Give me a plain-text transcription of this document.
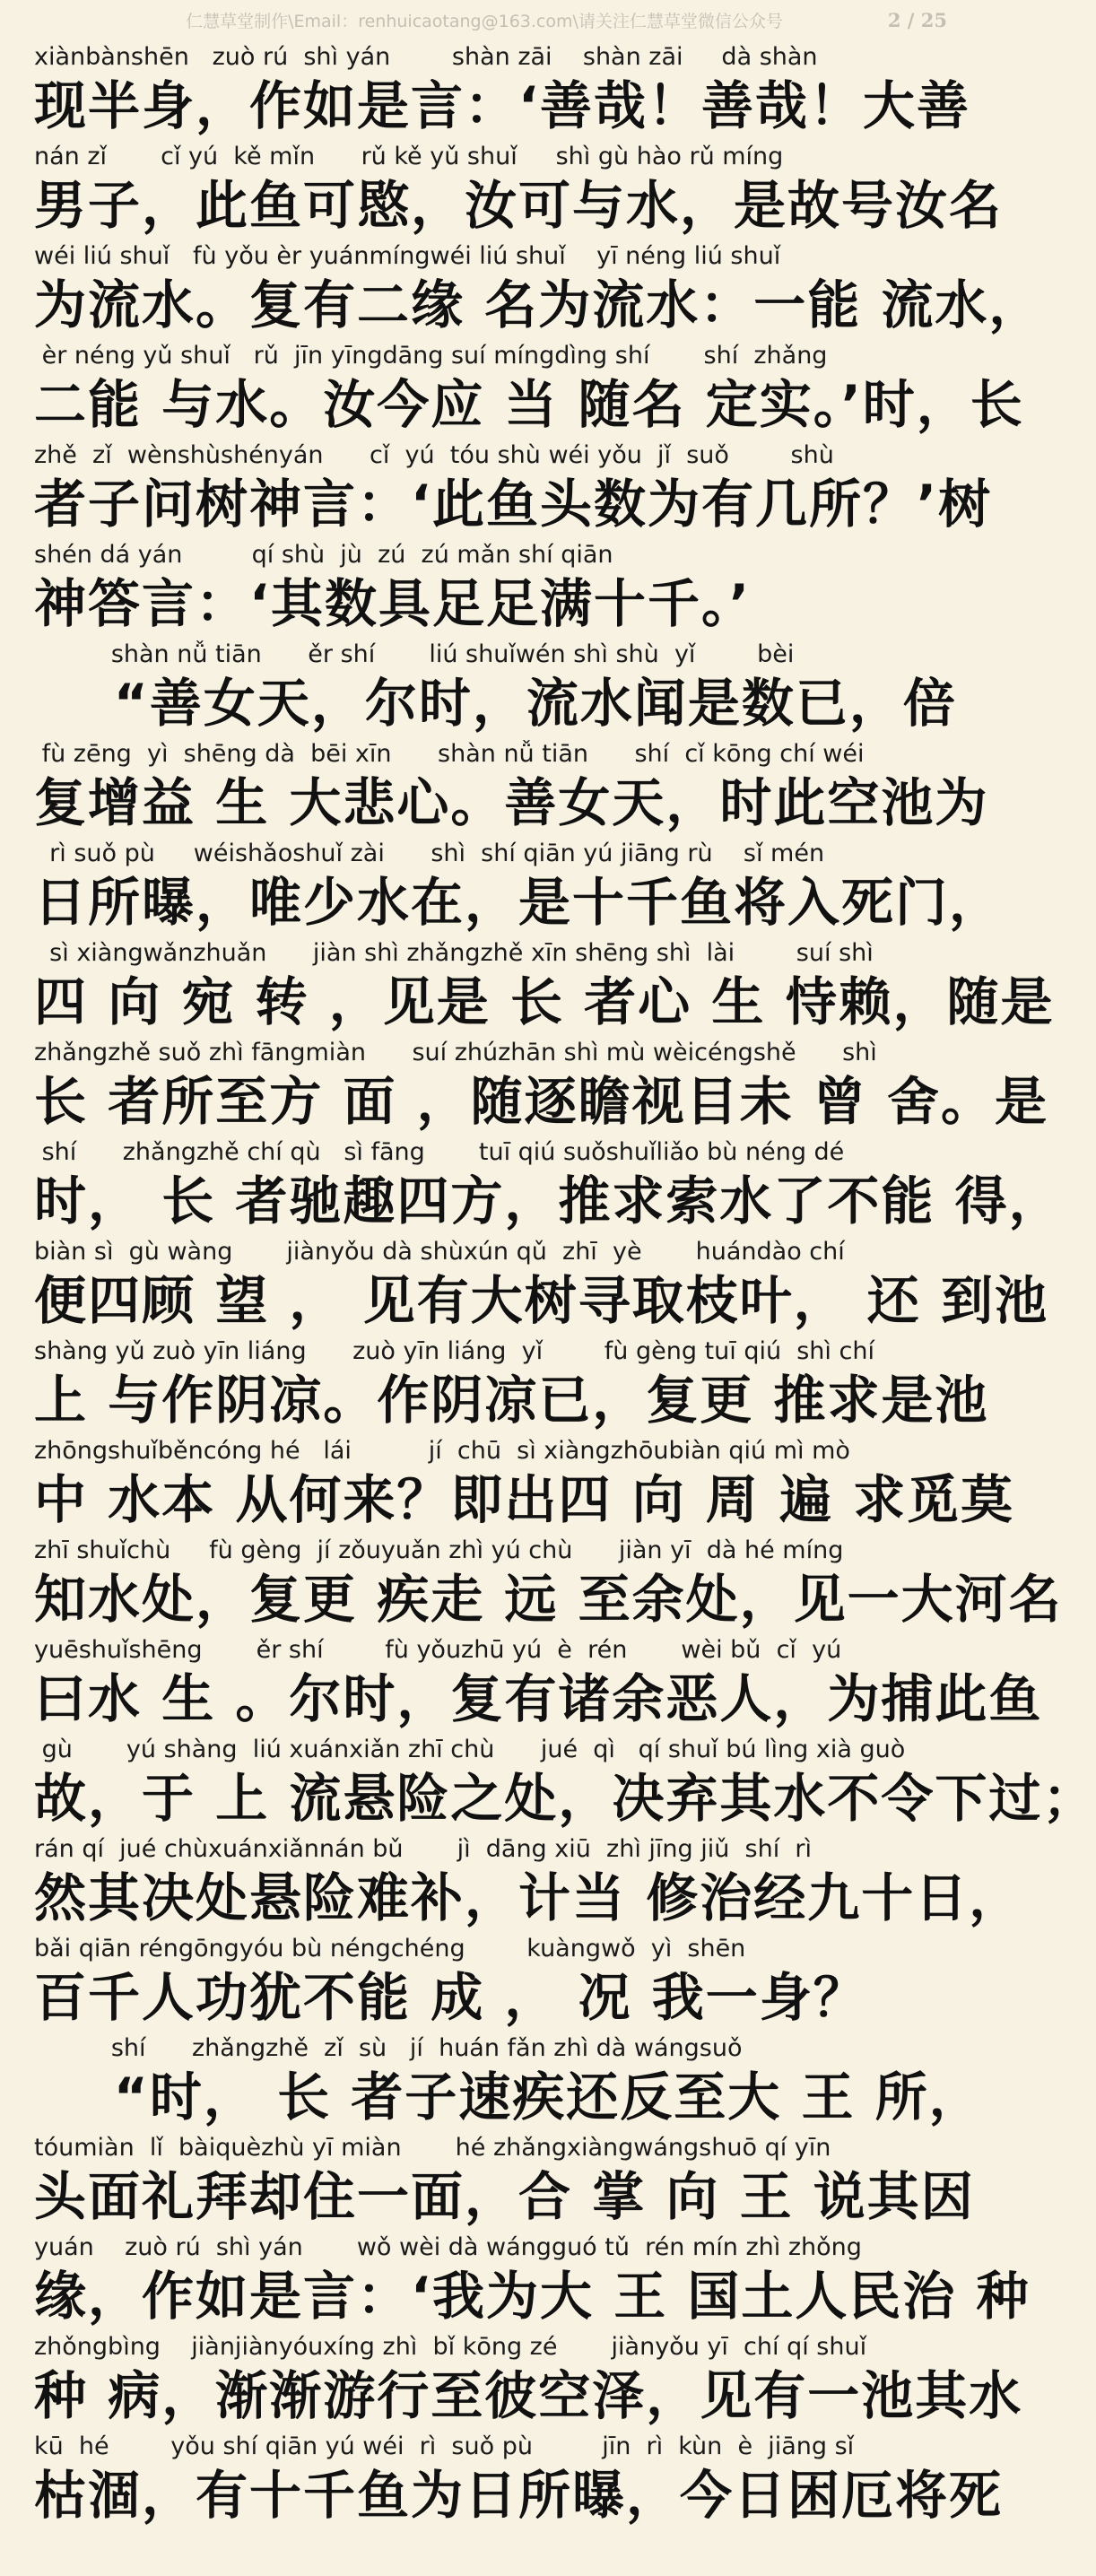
仁慧草堂制作\Email：renhuicaotang@163.com\请关注仁慧草堂微信公众号	2 / 25
xiànbànshēn   zuò rú  shì yán        shàn zāi    shàn zāi     dà shàn
现半身，作如是言：‘善哉！善哉！大善
nán zǐ       cǐ yú  kě mǐn      rǔ kě yǔ shuǐ     shì gù hào rǔ míng
男子，此鱼可愍，汝可与水，是故号汝名
wéi liú shuǐ   fù yǒu èr yuánmíngwéi liú shuǐ    yī néng liú shuǐ
为流水。复有二缘 名为流水：一能 流水，
èr néng yǔ shuǐ   rǔ  jīn yīngdāng suí míngdìng shí       shí  zhǎng
二能 与水。汝今应 当 随名 定实。’时，长
zhě  zǐ  wènshùshényán      cǐ  yú  tóu shù wéi yǒu  jǐ  suǒ        shù
者子问树神言：‘此鱼头数为有几所？’树
shén dá yán         qí shù  jù  zú  zú mǎn shí qiān
神答言：‘其数具足足满十千。’
shàn nǚ tiān      ěr shí       liú shuǐwén shì shù  yǐ        bèi
“善女天，尔时，流水闻是数已，倍
fù zēng  yì  shēng dà  bēi xīn      shàn nǚ tiān      shí  cǐ kōng chí wéi
复增益 生 大悲心。善女天，时此空池为
rì suǒ pù     wéishǎoshuǐ zài      shì  shí qiān yú jiāng rù    sǐ mén
日所曝，唯少水在，是十千鱼将入死门，
sì xiàngwǎnzhuǎn      jiàn shì zhǎngzhě xīn shēng shì  lài        suí shì
四 向 宛 转 ，见是 长 者心 生 恃赖，随是
zhǎngzhě suǒ zhì fāngmiàn      suí zhúzhān shì mù wèicéngshě      shì
长 者所至方 面 ，随逐瞻视目未 曾 舍。是
shí      zhǎngzhě chí qù   sì fāng       tuī qiú suǒshuǐliǎo bù néng dé
时， 长 者驰趣四方，推求索水了不能 得，
biàn sì  gù wàng       jiànyǒu dà shùxún qǔ  zhī  yè       huándào chí
便四顾 望 ， 见有大树寻取枝叶， 还 到池
shàng yǔ zuò yīn liáng      zuò yīn liáng  yǐ        fù gèng tuī qiú  shì chí
上 与作阴凉。作阴凉已，复更 推求是池
zhōngshuǐběncóng hé   lái          jí  chū  sì xiàngzhōubiàn qiú mì mò
中 水本 从何来？即出四 向 周 遍 求觅莫
zhī shuǐchù     fù gèng  jí zǒuyuǎn zhì yú chù      jiàn yī  dà hé míng
知水处，复更 疾走 远 至余处，见一大河名
yuēshuǐshēng       ěr shí        fù yǒuzhū yú  è  rén       wèi bǔ  cǐ  yú
曰水 生 。尔时，复有诸余恶人，为捕此鱼
gù       yú shàng  liú xuánxiǎn zhī chù      jué  qì   qí shuǐ bú lìng xià guò
故，于 上 流悬险之处，决弃其水不令下过；
rán qí  jué chùxuánxiǎnnán bǔ       jì  dāng xiū  zhì jīng jiǔ  shí  rì
然其决处悬险难补，计当 修治经九十日，
bǎi qiān réngōngyóu bù néngchéng        kuàngwǒ  yì  shēn
百千人功犹不能 成 ， 况 我一身？
shí      zhǎngzhě  zǐ  sù   jí  huán fǎn zhì dà wángsuǒ
“时， 长 者子速疾还反至大 王 所，
tóumiàn  lǐ  bàiquèzhù yī miàn       hé zhǎngxiàngwángshuō qí yīn
头面礼拜却住一面，合 掌 向 王 说其因
yuán    zuò rú  shì yán       wǒ wèi dà wángguó tǔ  rén mín zhì zhǒng
缘，作如是言：‘我为大 王 国土人民治 种
zhǒngbìng    jiànjiànyóuxíng zhì  bǐ kōng zé       jiànyǒu yī  chí qí shuǐ
种 病，渐渐游行至彼空泽，见有一池其水
kū  hé        yǒu shí qiān yú wéi  rì  suǒ pù         jīn  rì  kùn  è  jiāng sǐ
枯涸，有十千鱼为日所曝，今日困厄将死
